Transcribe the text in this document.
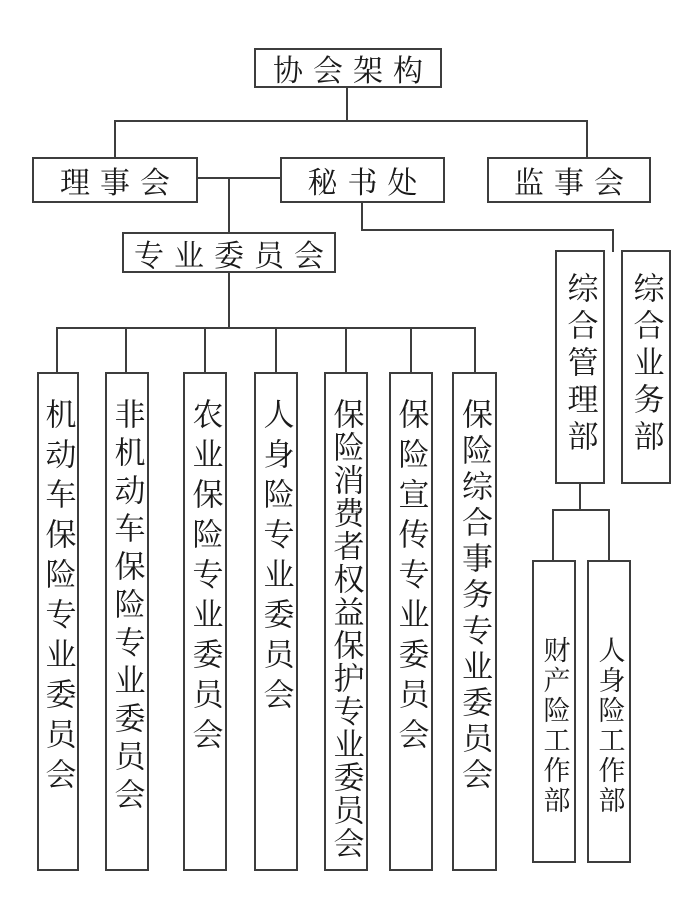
协会架构
理事会	秘书处	监事会
专业委员会
综合管理部 综合业务部
机动车保险专业委员会 非机动车保险专业委员会 农业保险专业委员会 人身险专业委员会 保险消费者权益保护专业委员会 保险宣传专业委员会 保险综合事务专业委员会 财产险工作部 人身险工作部
